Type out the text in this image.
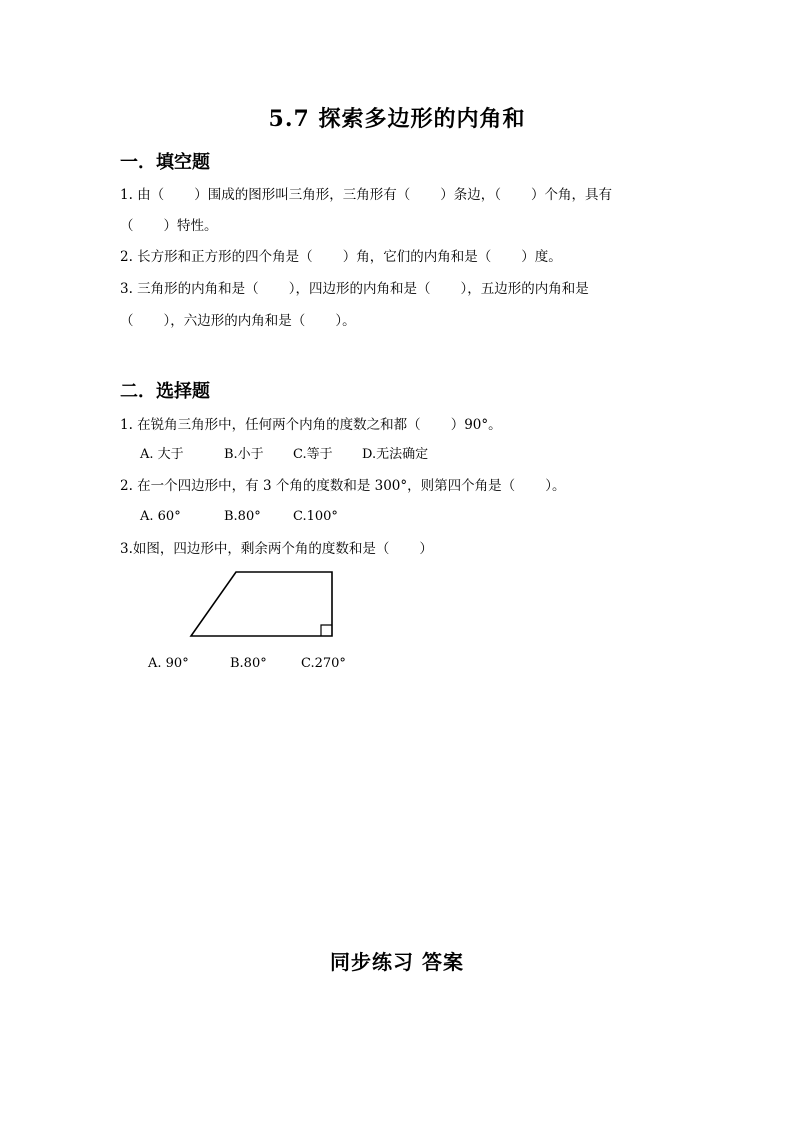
5.7 探索多边形的内角和
一．填空题
1. 由（       ）围成的图形叫三角形，三角形有（       ）条边，（       ）个角，具有
（       ）特性。
2. 长方形和正方形的四个角是（       ）角，它们的内角和是（       ）度。
3. 三角形的内角和是（       ），四边形的内角和是（       ），五边形的内角和是
（       ），六边形的内角和是（       ）。
二．选择题
1. 在锐角三角形中，任何两个内角的度数之和都（       ）90°。
A. 大于	B.小于 C.等于 D.无法确定
2. 在一个四边形中，有 3 个角的度数和是 300°，则第四个角是（       ）。
A. 60°	B.80° C.100°
3.如图，四边形中，剩余两个角的度数和是（       ）
A. 90°	B.80°	C.270°
同步练习 答案
